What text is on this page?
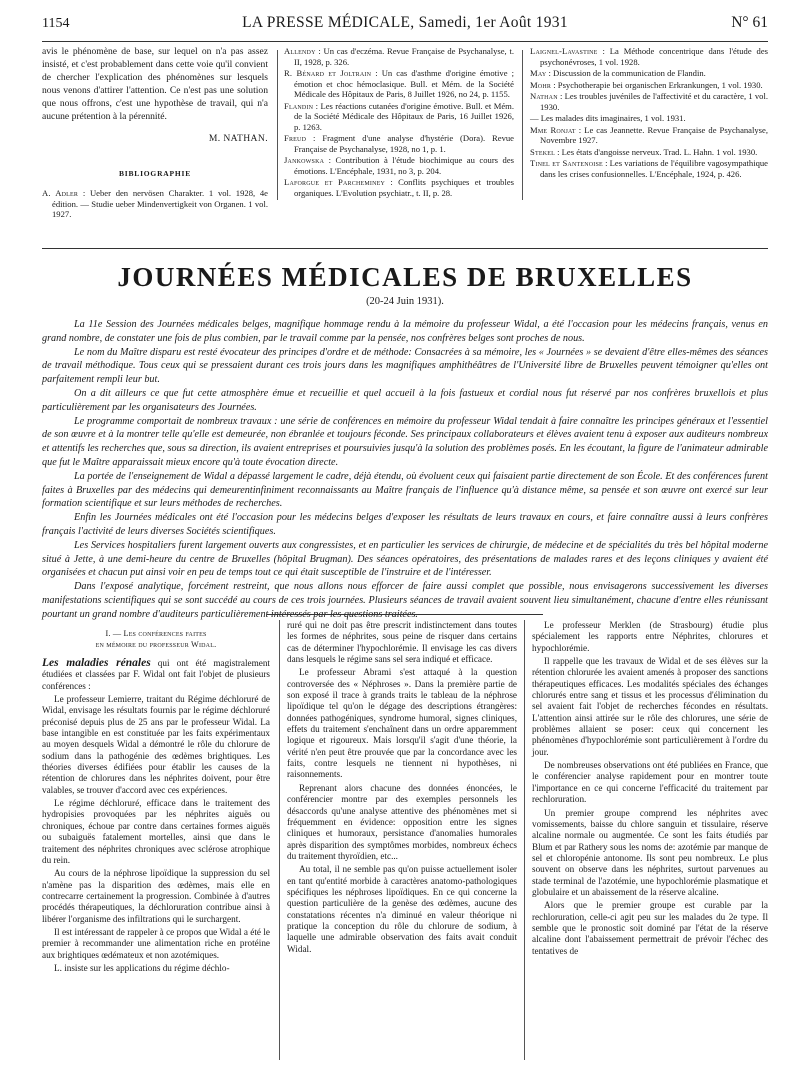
1154	LA PRESSE MÉDICALE, Samedi, 1er Août 1931	N° 61
avis le phénomène de base, sur lequel on n'a pas assez insisté, et c'est probablement dans cette voie qu'il convient de chercher l'explication des phénomènes sur lesquels nous venons d'attirer l'attention. Ce n'est pas une solution que nous offrons, c'est une hypothèse de travail, qui n'a aucune prétention à la pérennité.
M. NATHAN.
BIBLIOGRAPHIE
A. Adler : Ueber den nervösen Charakter. 1 vol. 1928, 4e édition. — Studie ueber Mindenvertigkeit von Organen. 1 vol. 1927.
Allendy : Un cas d'eczéma. Revue Française de Psychanalyse, t. II, 1928, p. 326.
R. Bénard et Joltrain : Un cas d'asthme d'origine émotive ; émotion et choc hémoclasique. Bull. et Mém. de la Société Médicale des Hôpitaux de Paris, 8 Juillet 1926, no 24, p. 1155.
Flandin : Les réactions cutanées d'origine émotive. Bull. et Mém. de la Société Médicale des Hôpitaux de Paris, 16 Juillet 1926, p. 1263.
Freud : Fragment d'une analyse d'hystérie (Dora). Revue Française de Psychanalyse, 1928, no 1, p. 1.
Jankowska : Contribution à l'étude biochimique au cours des émotions. L'Encéphale, 1931, no 3, p. 204.
Laforgue et Parcheminey : Conflits psychiques et troubles organiques. L'Evolution psychiatr., t. II, p. 28.
Laignel-Lavastine : La Méthode concentrique dans l'étude des psychonévroses, 1 vol. 1928.
May : Discussion de la communication de Flandin.
Mohr : Psychotherapie bei organischen Erkrankungen, 1 vol. 1930.
Nathan : Les troubles juvéniles de l'affectivité et du caractère, 1 vol. 1930.
— Les malades dits imaginaires, 1 vol. 1931.
Mme Ronjat : Le cas Jeannette. Revue Française de Psychanalyse, Novembre 1927.
Stekel : Les états d'angoisse nerveux. Trad. L. Hahn. 1 vol. 1930.
Tinel et Santenoise : Les variations de l'équilibre vagosympathique dans les crises confusionnelles. L'Encéphale, 1924, p. 426.
JOURNÉES MÉDICALES DE BRUXELLES
(20-24 Juin 1931).

La 11e Session des Journées médicales belges, magnifique hommage rendu à la mémoire du professeur Widal, a été l'occasion pour les médecins français, venus en grand nombre, de constater une fois de plus combien, par le travail comme par la pensée, nos confrères belges sont proches de nous.

Le nom du Maître disparu est resté évocateur des principes d'ordre et de méthode: Consacrées à sa mémoire, les « Journées » se devaient d'être elles-mêmes des séances de travail méthodique. Tous ceux qui se pressaient durant ces trois jours dans les magnifiques amphithéâtres de l'Université libre de Bruxelles peuvent témoigner qu'elles ont parfaitement rempli leur but.

On a dit ailleurs ce que fut cette atmosphère émue et recueillie et quel accueil à la fois fastueux et cordial nous fut réservé par nos confrères bruxellois et plus particulièrement par les organisateurs des Journées.

Le programme comportait de nombreux travaux : une série de conférences en mémoire du professeur Widal tendait à faire connaître les principes généraux et l'essentiel de son œuvre et à la montrer telle qu'elle est demeurée, non ébranlée et toujours féconde. Ses principaux collaborateurs et élèves avaient tenu à exposer aux auditeurs nombreux et attentifs les recherches que, sous sa direction, ils avaient entreprises et poursuivies jusqu'à la solution des problèmes posés. En les écoutant, la figure de l'animateur admirable que fut le Maître apparaissait mieux encore qu'à toute évocation directe.

La portée de l'enseignement de Widal a dépassé largement le cadre, déjà étendu, où évoluent ceux qui faisaient partie directement de son École. Et des conférences furent faites à Bruxelles par des médecins qui demeurentinfiniment reconnaissants au Maître français de l'influence qu'à distance même, sa pensée et son œuvre ont exercé sur leur formation scientifique et sur leurs méthodes de recherches.

Enfin les Journées médicales ont été l'occasion pour les médecins belges d'exposer les résultats de leurs travaux en cours, et faire connaître aussi à leurs confrères français l'activité de leurs diverses Sociétés scientifiques.

Les Services hospitaliers furent largement ouverts aux congressistes, et en particulier les services de chirurgie, de médecine et de spécialités du très bel hôpital moderne situé à Jette, à une demi-heure du centre de Bruxelles (hôpital Brugman). Des séances opératoires, des présentations de malades rares et des leçons cliniques y avaient été organisées et chacun put ainsi voir en peu de temps tout ce qui était susceptible de l'instruire et de l'intéresser.

Dans l'exposé analytique, forcément restreint, que nous allons nous efforcer de faire aussi complet que possible, nous envisagerons successivement les diverses manifestations scientifiques qui se sont succédé au cours de ces trois journées. Plusieurs séances de travail avaient souvent lieu simultanément, chacune d'entre elles réunissant pourtant un grand nombre d'auditeurs particulièrement intéressés par les questions traitées.

I. — Les conférences faites
en mémoire du professeur Widal.

Les maladies rénales qui ont été magistralement étudiées et classées par F. Widal ont fait l'objet de plusieurs conférences :

Le professeur Lemierre, traitant du Régime déchloruré de Widal, envisage les résultats fournis par le régime déchloruré préconisé depuis plus de 25 ans par le professeur Widal. La base intangible en est constituée par les faits expérimentaux au moyen desquels Widal a démontré le rôle du chlorure de sodium dans la pathogénie des œdèmes brightiques. Les théories diverses édifiées pour établir les causes de la rétention de chlorures dans les néphrites doivent, pour être valables, se trouver d'accord avec ces expériences.

Le régime déchloruré, efficace dans le traitement des hydropisies provoquées par les néphrites aiguës ou chroniques, échoue par contre dans certaines formes aiguës ou subaiguës fatalement mortelles, ainsi que dans le traitement des néphrites chroniques avec sclérose atrophique du rein.

Au cours de la néphrose lipoïdique la suppression du sel n'amène pas la disparition des œdèmes, mais elle en contrecarre certainement la progression. Combinée à d'autres procédés thérapeutiques, la déchloruration contribue ainsi à libérer l'organisme des infiltrations qui le surchargent.

Il est intéressant de rappeler à ce propos que Widal a été le premier à recommander une alimentation riche en protéine aux brightiques œdémateux et non azotémiques.

L. insiste sur les applications du régime déchlo-

ruré qui ne doit pas être prescrit indistinctement dans toutes les formes de néphrites, sous peine de risquer dans certains cas de déterminer l'hypochlorémie. Il envisage les cas divers dans lesquels le régime sans sel sera indiqué et efficace.

Le professeur Abrami s'est attaqué à la question controversée des « Néphroses ». Dans la première partie de son exposé il trace à grands traits le tableau de la néphrose lipoïdique tel qu'on le dégage des descriptions étrangères: données pathogéniques, syndrome humoral, signes cliniques, effets du traitement s'enchaînent dans un ordre apparemment logique et rigoureux. Mais lorsqu'il s'agit d'une théorie, la vérité n'en peut être prouvée que par la concordance avec les faits, contre lesquels ne tiennent ni hypothèses, ni raisonnements.

Reprenant alors chacune des données énoncées, le conférencier montre par des exemples personnels les désaccords qu'une analyse attentive des phénomènes met si fréquemment en évidence: opposition entre les signes cliniques et humoraux, persistance d'anomalies humorales après disparition des symptômes morbides, nombreux échecs du traitement thyroïdien, etc...

Au total, il ne semble pas qu'on puisse actuellement isoler en tant qu'entité morbide à caractères anatomo-pathologiques spécifiques les néphroses lipoïdiques. En ce qui concerne la question particulière de la genèse des œdèmes, aucune des constatations récentes n'a diminué en valeur théorique ni pratique la conception du rôle du chlorure de sodium, à laquelle une admirable observation des faits avait conduit Widal.

Le professeur Merklen (de Strasbourg) étudie plus spécialement les rapports entre Néphrites, chlorures et hypochlorémie.

Il rappelle que les travaux de Widal et de ses élèves sur la rétention chlorurée les avaient amenés à proposer des sanctions thérapeutiques efficaces. Les modalités spéciales des échanges chlorurés entre sang et tissus et les processus d'élimination du sel avaient fait l'objet de recherches fécondes en résultats. L'attention ainsi attirée sur le rôle des chlorures, une série de problèmes allaient se poser: ceux qui concernent les phénomènes d'hypochlorémie sont particulièrement à l'ordre du jour.

De nombreuses observations ont été publiées en France, que le conférencier analyse rapidement pour en montrer toute l'importance en ce qui concerne l'efficacité du traitement par rechloruration.

Un premier groupe comprend les néphrites avec vomissements, baisse du chlore sanguin et tissulaire, réserve alcaline normale ou augmentée. Ce sont les faits étudiés par Blum et par Rathery sous les noms de: azotémie par manque de sel et chloropénie antonome. Ils sont peu nombreux. Le plus souvent on observe dans les néphrites, surtout parvenues au stade terminal de l'azotémie, une hypochlorémie plasmatique et globulaire et un abaissement de la réserve alcaline.

Alors que le premier groupe est curable par la rechloruration, celle-ci agit peu sur les malades du 2e type. Il semble que le pronostic soit dominé par l'état de la réserve alcaline dont l'abaissement permettrait de prévoir l'échec des tentatives de
